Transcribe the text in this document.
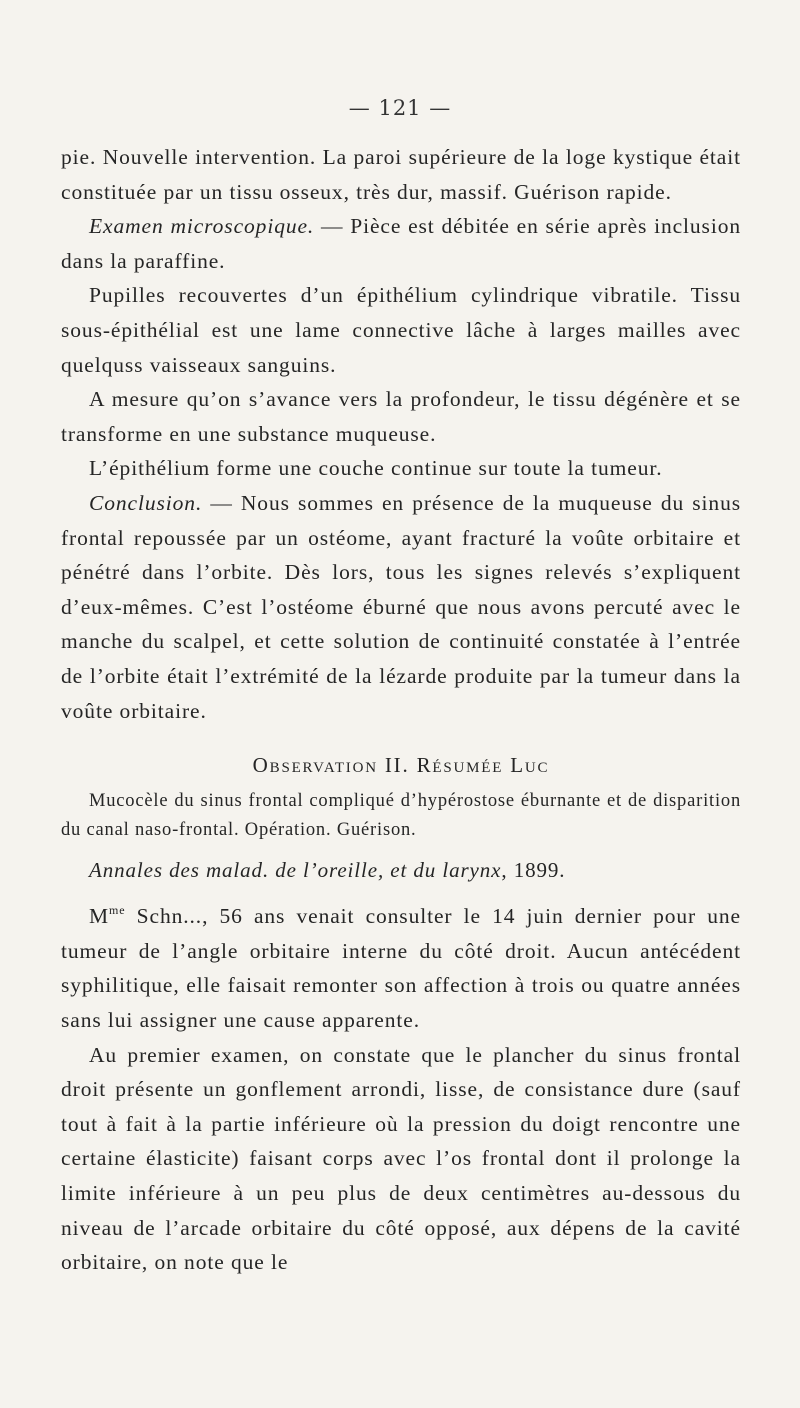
— 121 —

pie. Nouvelle intervention. La paroi supérieure de la loge kystique était constituée par un tissu osseux, très dur, massif. Guérison rapide.

Examen microscopique. — Pièce est débitée en série après inclusion dans la paraffine.

Pupilles recouvertes d’un épithélium cylindrique vibratile. Tissu sous-épithélial est une lame connective lâche à larges mailles avec quelquss vaisseaux sanguins.

A mesure qu’on s’avance vers la profondeur, le tissu dégénère et se transforme en une substance muqueuse.

L’épithélium forme une couche continue sur toute la tumeur.

Conclusion. — Nous sommes en présence de la muqueuse du sinus frontal repoussée par un ostéome, ayant fracturé la voûte orbitaire et pénétré dans l’orbite. Dès lors, tous les signes relevés s’expliquent d’eux-mêmes. C’est l’ostéome éburné que nous avons percuté avec le manche du scalpel, et cette solution de continuité constatée à l’entrée de l’orbite était l’extrémité de la lézarde produite par la tumeur dans la voûte orbitaire.

Observation II. Résumée Luc

Mucocèle du sinus frontal compliqué d’hypérostose éburnante et de disparition du canal naso-frontal. Opération. Guérison.

Annales des malad. de l’oreille, et du larynx, 1899.

$M^{me}$ Schn..., 56 ans venait consulter le 14 juin dernier pour une tumeur de l’angle orbitaire interne du côté droit. Aucun antécédent syphilitique, elle faisait remonter son affection à trois ou quatre années sans lui assigner une cause apparente.

Au premier examen, on constate que le plancher du sinus frontal droit présente un gonflement arrondi, lisse, de consistance dure (sauf tout à fait à la partie inférieure où la pression du doigt rencontre une certaine élasticite) faisant corps avec l’os frontal dont il prolonge la limite inférieure à un peu plus de deux centimètres au-dessous du niveau de l’arcade orbitaire du côté opposé, aux dépens de la cavité orbitaire, on note que le
